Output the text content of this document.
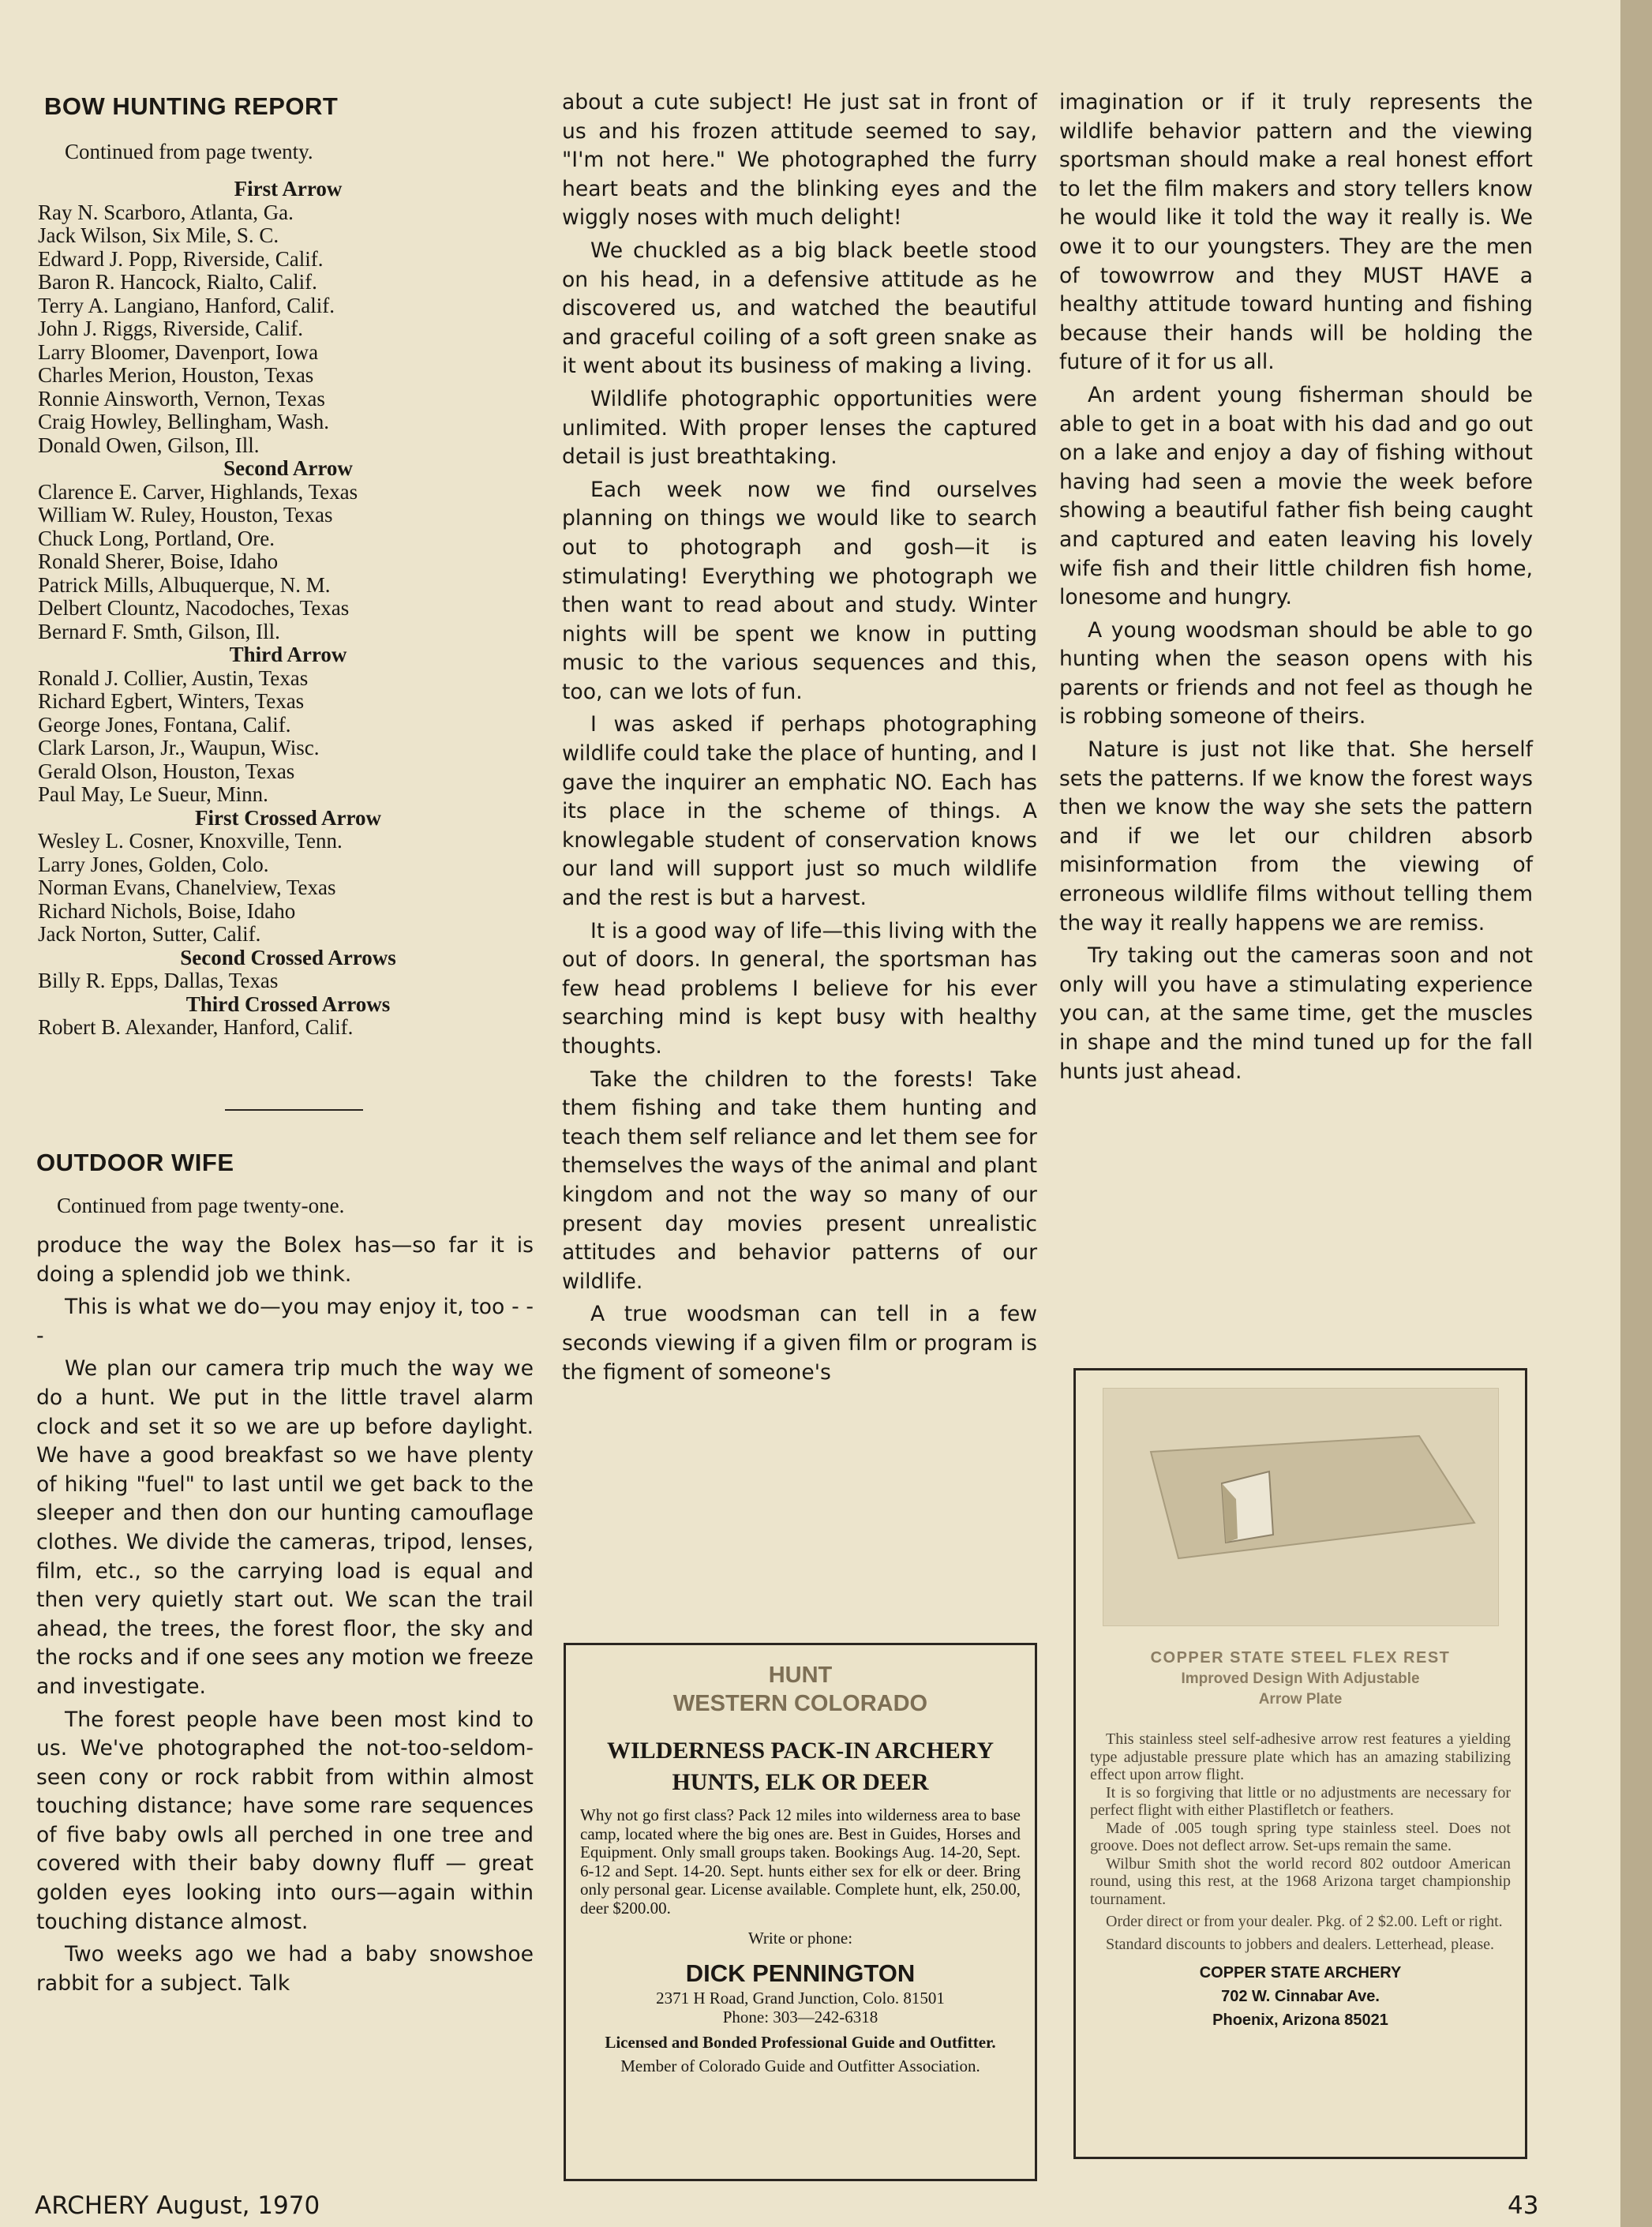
BOW HUNTING REPORT

Continued from page twenty.

First Arrow
Ray N. Scarboro, Atlanta, Ga.
Jack Wilson, Six Mile, S. C.
Edward J. Popp, Riverside, Calif.
Baron R. Hancock, Rialto, Calif.
Terry A. Langiano, Hanford, Calif.
John J. Riggs, Riverside, Calif.
Larry Bloomer, Davenport, Iowa
Charles Merion, Houston, Texas
Ronnie Ainsworth, Vernon, Texas
Craig Howley, Bellingham, Wash.
Donald Owen, Gilson, Ill.
Second Arrow
Clarence E. Carver, Highlands, Texas
William W. Ruley, Houston, Texas
Chuck Long, Portland, Ore.
Ronald Sherer, Boise, Idaho
Patrick Mills, Albuquerque, N. M.
Delbert Clountz, Nacodoches, Texas
Bernard F. Smth, Gilson, Ill.
Third Arrow
Ronald J. Collier, Austin, Texas
Richard Egbert, Winters, Texas
George Jones, Fontana, Calif.
Clark Larson, Jr., Waupun, Wisc.
Gerald Olson, Houston, Texas
Paul May, Le Sueur, Minn.
First Crossed Arrow
Wesley L. Cosner, Knoxville, Tenn.
Larry Jones, Golden, Colo.
Norman Evans, Chanelview, Texas
Richard Nichols, Boise, Idaho
Jack Norton, Sutter, Calif.
Second Crossed Arrows
Billy R. Epps, Dallas, Texas
Third Crossed Arrows
Robert B. Alexander, Hanford, Calif.
OUTDOOR WIFE

Continued from page twenty-one.

produce the way the Bolex has—so far it is doing a splendid job we think.

This is what we do—you may enjoy it, too - - -

We plan our camera trip much the way we do a hunt. We put in the little travel alarm clock and set it so we are up before daylight. We have a good breakfast so we have plenty of hiking "fuel" to last until we get back to the sleeper and then don our hunting camouflage clothes. We divide the cameras, tripod, lenses, film, etc., so the carrying load is equal and then very quietly start out. We scan the trail ahead, the trees, the forest floor, the sky and the rocks and if one sees any motion we freeze and investigate.

The forest people have been most kind to us. We've photographed the not-too-seldom-seen cony or rock rabbit from within almost touching distance; have some rare sequences of five baby owls all perched in one tree and covered with their baby downy fluff — great golden eyes looking into ours—again within touching distance almost.

Two weeks ago we had a baby snowshoe rabbit for a subject. Talk

about a cute subject! He just sat in front of us and his frozen attitude seemed to say, "I'm not here." We photographed the furry heart beats and the blinking eyes and the wiggly noses with much delight!

We chuckled as a big black beetle stood on his head, in a defensive attitude as he discovered us, and watched the beautiful and graceful coiling of a soft green snake as it went about its business of making a living.

Wildlife photographic opportunities were unlimited. With proper lenses the captured detail is just breathtaking.

Each week now we find ourselves planning on things we would like to search out to photograph and gosh—it is stimulating! Everything we photograph we then want to read about and study. Winter nights will be spent we know in putting music to the various sequences and this, too, can we lots of fun.

I was asked if perhaps photographing wildlife could take the place of hunting, and I gave the inquirer an emphatic NO. Each has its place in the scheme of things. A knowlegable student of conservation knows our land will support just so much wildlife and the rest is but a harvest.

It is a good way of life—this living with the out of doors. In general, the sportsman has few head problems I believe for his ever searching mind is kept busy with healthy thoughts.

Take the children to the forests! Take them fishing and take them hunting and teach them self reliance and let them see for themselves the ways of the animal and plant kingdom and not the way so many of our present day movies present unrealistic attitudes and behavior patterns of our wildlife.

A true woodsman can tell in a few seconds viewing if a given film or program is the figment of someone's

imagination or if it truly represents the wildlife behavior pattern and the viewing sportsman should make a real honest effort to let the film makers and story tellers know he would like it told the way it really is. We owe it to our youngsters. They are the men of towowrrow and they MUST HAVE a healthy attitude toward hunting and fishing because their hands will be holding the future of it for us all.

An ardent young fisherman should be able to get in a boat with his dad and go out on a lake and enjoy a day of fishing without having had seen a movie the week before showing a beautiful father fish being caught and captured and eaten leaving his lovely wife fish and their little children fish home, lonesome and hungry.

A young woodsman should be able to go hunting when the season opens with his parents or friends and not feel as though he is robbing someone of theirs.

Nature is just not like that. She herself sets the patterns. If we know the forest ways then we know the way she sets the pattern and if we let our children absorb misinformation from the viewing of erroneous wildlife films without telling them the way it really happens we are remiss.

Try taking out the cameras soon and not only will you have a stimulating experience you can, at the same time, get the muscles in shape and the mind tuned up for the fall hunts just ahead.

HUNT

WESTERN COLORADO

WILDERNESS PACK-IN ARCHERY HUNTS, ELK OR DEER

Why not go first class? Pack 12 miles into wilderness area to base camp, located where the big ones are. Best in Guides, Horses and Equipment. Only small groups taken. Bookings Aug. 14-20, Sept. 6-12 and Sept. 14-20. Sept. hunts either sex for elk or deer. Bring only personal gear. License available. Complete hunt, elk, 250.00, deer $200.00.

Write or phone:

DICK PENNINGTON

2371 H Road, Grand Junction, Colo. 81501

Phone: 303—242-6318

Licensed and Bonded Professional Guide and Outfitter.

Member of Colorado Guide and Outfitter Association.

COPPER STATE STEEL FLEX REST

Improved Design With Adjustable

Arrow Plate

This stainless steel self-adhesive arrow rest features a yielding type adjustable pressure plate which has an amazing stabilizing effect upon arrow flight.

It is so forgiving that little or no adjustments are necessary for perfect flight with either Plastifletch or feathers.

Made of .005 tough spring type stainless steel. Does not groove. Does not deflect arrow. Set-ups remain the same.

Wilbur Smith shot the world record 802 outdoor American round, using this rest, at the 1968 Arizona target championship tournament.

Order direct or from your dealer. Pkg. of 2 $2.00. Left or right.

Standard discounts to jobbers and dealers. Letterhead, please.

COPPER STATE ARCHERY

702 W. Cinnabar Ave.

Phoenix, Arizona 85021

ARCHERY August, 1970	43
